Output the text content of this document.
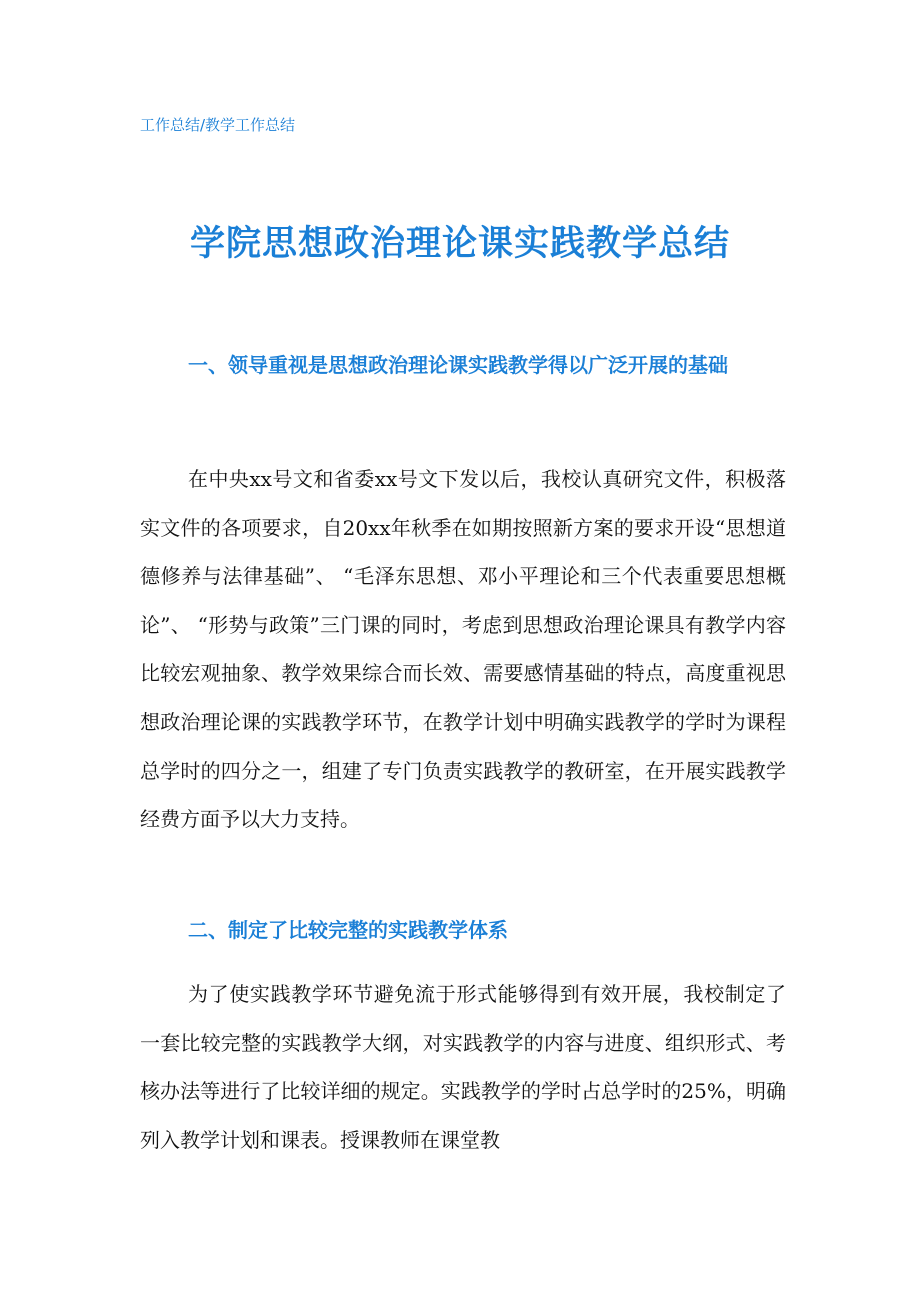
工作总结/教学工作总结
学院思想政治理论课实践教学总结
一、领导重视是思想政治理论课实践教学得以广泛开展的基础
在中央xx号文和省委xx号文下发以后，我校认真研究文件，积极落实文件的各项要求，自20xx年秋季在如期按照新方案的要求开设“思想道德修养与法律基础”、 “毛泽东思想、邓小平理论和三个代表重要思想概论”、 “形势与政策”三门课的同时，考虑到思想政治理论课具有教学内容比较宏观抽象、教学效果综合而长效、需要感情基础的特点，高度重视思想政治理论课的实践教学环节，在教学计划中明确实践教学的学时为课程总学时的四分之一，组建了专门负责实践教学的教研室，在开展实践教学经费方面予以大力支持。
二、制定了比较完整的实践教学体系
为了使实践教学环节避免流于形式能够得到有效开展，我校制定了一套比较完整的实践教学大纲，对实践教学的内容与进度、组织形式、考核办法等进行了比较详细的规定。实践教学的学时占总学时的25%，明确列入教学计划和课表。授课教师在课堂教
